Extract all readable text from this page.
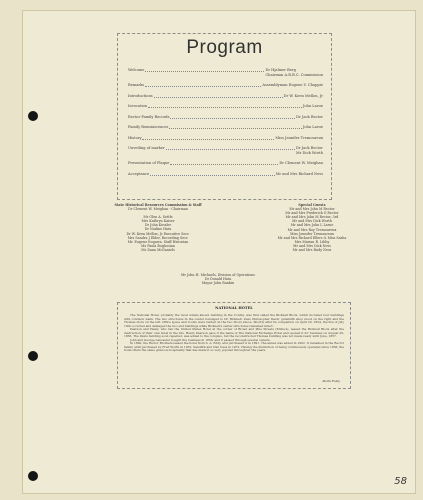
Program
Welcome	Dr Hjalmer Berg
Chairman A.R.B.C. Commission
Remarks	Assemblyman Eugene V. Chappie
Introductions	Dr W. Keen Mellon, Jr
Invocation	John Larue
Rector Family Records	Dr Jack Rector
Family Reminiscences	John Larue
History	Miss Jennifer Tremoureux
Unveiling of marker	Dr Jack Rector
Mr Dick Worth
Presentation of Plaque	Dr Clement W. Meighan
Acceptance	Mr and Mrs Richard Ness
State Historical Resources Commission & Staff
Dr Clement W. Meighan - Chairman
Mr Glen A. Settle
Mrs Kathryn Kaiser
Dr John Kessler
Dr Nadine Hata
Dr W. Keen Mellon, Jr Executive Secr.
Mrs Sandra J Elder, Recording Secr.
Mr. Eugene Itogawa, Staff Historian
Ms Paula Boghosian
Ms Dana McDaniels
Special Guests
Mr and Mrs John M Rector
Mr and Mrs Frederick G Rector
Mr and Mrs John M Rector, 3rd
Mr and Mrs Dick Worth
Mr and Mrs John L Larue
Mr and Mrs Roy Tremoureux
Miss Jennifer Tremoureux
Mr and Mrs Richard Ellers & Miss Sasha
Mrs Marian R. Libby
Mr and Mrs Dick Ness
Mr and Mrs Rudy Ness
Mr John H. Michaels, Division of Operations
Dr Donald Hata
Mayor John Rankin
NATIONAL HOTEL

The National Hotel, probably the most widely-known building in the County, was first called the Bicknell Block, which included four buildings with common walls. The two structures in the center belonged to Dr. Bicknell. Zeno Philosopher Davis' gunsmith shop stood on the right and the Thomas store on the left. Office space and rooms were rented on the two floors above. Shortly after its completion on April 20, 1854, the fire of July 19th occurred and damaged the two end buildings while Bicknell's center structures remained intact.

Pearson and Healy, who ran the United States Hotel at the corner of Broad and Pine Streets (Eddie's), leased the Bicknell Block after the destruction of their own hotel in the fire. Henry Pearson gave it the name of The National Exchange Hotel and opened it for business on August 20, 1856. The Davis building soon repaired, was added to the complex, but the reconstructed Thomas building was not made ready until June, 1857.

John and George Lancaster bought the business in 1858, and it passed through several owners.

In 1890, the Rector Brothers leased the hotel from S. A. Eddy, and purchased it in 1891. The annex was added in 1902. It remained in the Rector family until purchased by Fred Worth in 1955, Sandfirk and Nan Ness in 1972. Having the distinction of being continuously operated since 1856, the hotel offers the same gracious hospitality that has made it so very popular throughout the years.

-Doris Foley
58
